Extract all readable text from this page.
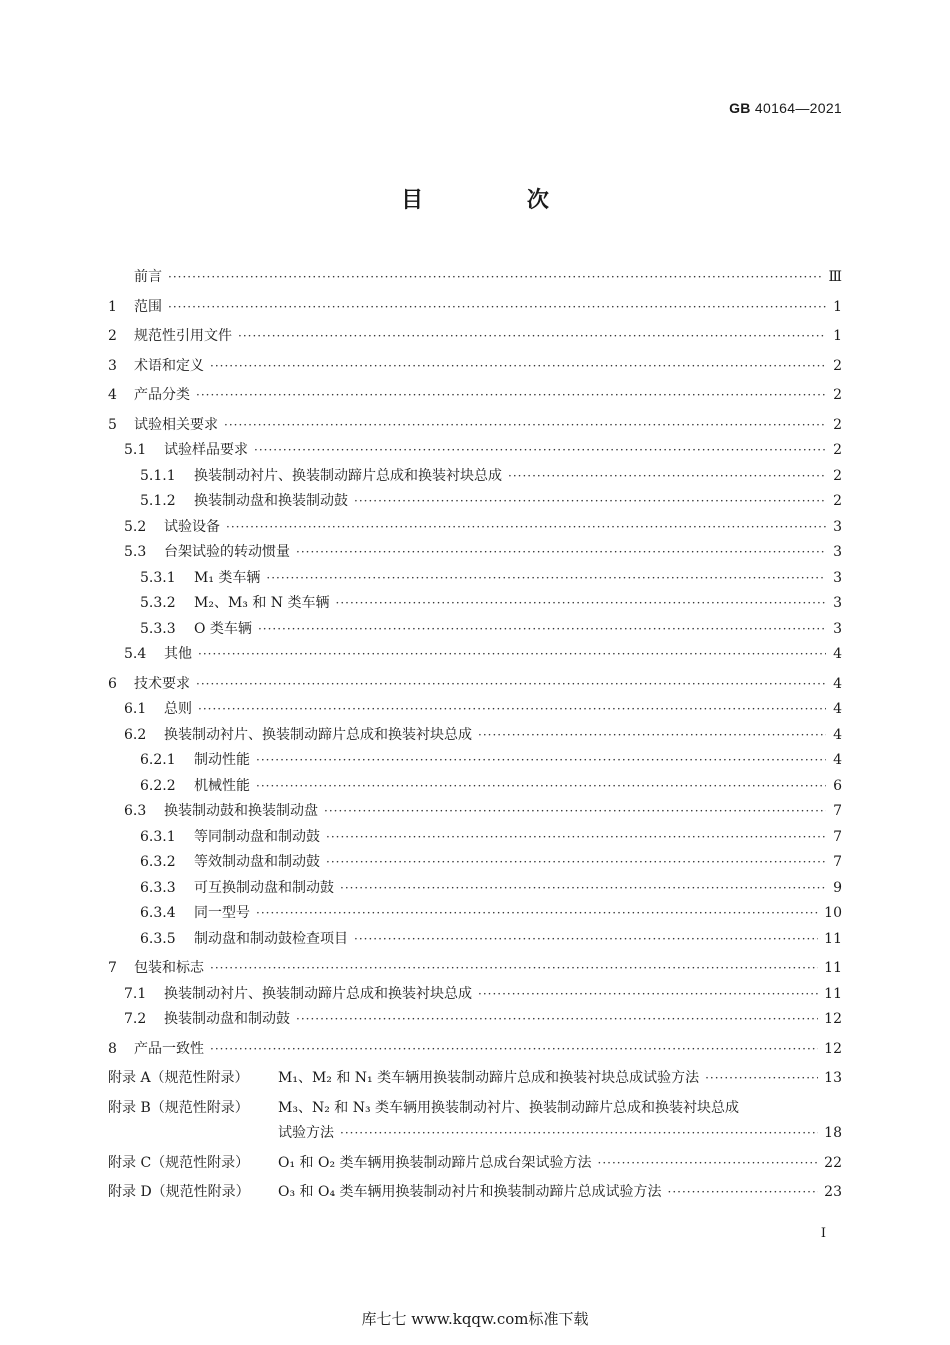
GB 40164—2021
目 次
前言 ·····	Ⅲ
1	范围 ·····	1
2	规范性引用文件 ·····	1
3	术语和定义 ·····	2
4	产品分类 ·····	2
5	试验相关要求 ·····	2
5.1	试验样品要求 ·····	2
5.1.1	换装制动衬片、换装制动蹄片总成和换装衬块总成 ·····	2
5.1.2	换装制动盘和换装制动鼓 ·····	2
5.2	试验设备 ·····	3
5.3	台架试验的转动惯量 ·····	3
5.3.1	M₁ 类车辆 ·····	3
5.3.2	M₂、M₃ 和 N 类车辆 ·····	3
5.3.3	O 类车辆 ·····	3
5.4	其他 ·····	4
6	技术要求 ·····	4
6.1	总则 ·····	4
6.2	换装制动衬片、换装制动蹄片总成和换装衬块总成 ·····	4
6.2.1	制动性能 ·····	4
6.2.2	机械性能 ·····	6
6.3	换装制动鼓和换装制动盘 ·····	7
6.3.1	等同制动盘和制动鼓 ·····	7
6.3.2	等效制动盘和制动鼓 ·····	7
6.3.3	可互换制动盘和制动鼓 ·····	9
6.3.4	同一型号 ·····	10
6.3.5	制动盘和制动鼓检查项目 ·····	11
7	包装和标志 ·····	11
7.1	换装制动衬片、换装制动蹄片总成和换装衬块总成 ·····	11
7.2	换装制动盘和制动鼓 ·····	12
8	产品一致性 ·····	12
附录 A（规范性附录）	M₁、M₂ 和 N₁ 类车辆用换装制动蹄片总成和换装衬块总成试验方法 ·····	13
附录 B（规范性附录）	M₃、N₂ 和 N₃ 类车辆用换装制动衬片、换装制动蹄片总成和换装衬块总成
试验方法 ·····	18
附录 C（规范性附录）	O₁ 和 O₂ 类车辆用换装制动蹄片总成台架试验方法 ·····	22
附录 D（规范性附录）	O₃ 和 O₄ 类车辆用换装制动衬片和换装制动蹄片总成试验方法 ·····	23
I
库七七 www.kqqw.com标准下载
